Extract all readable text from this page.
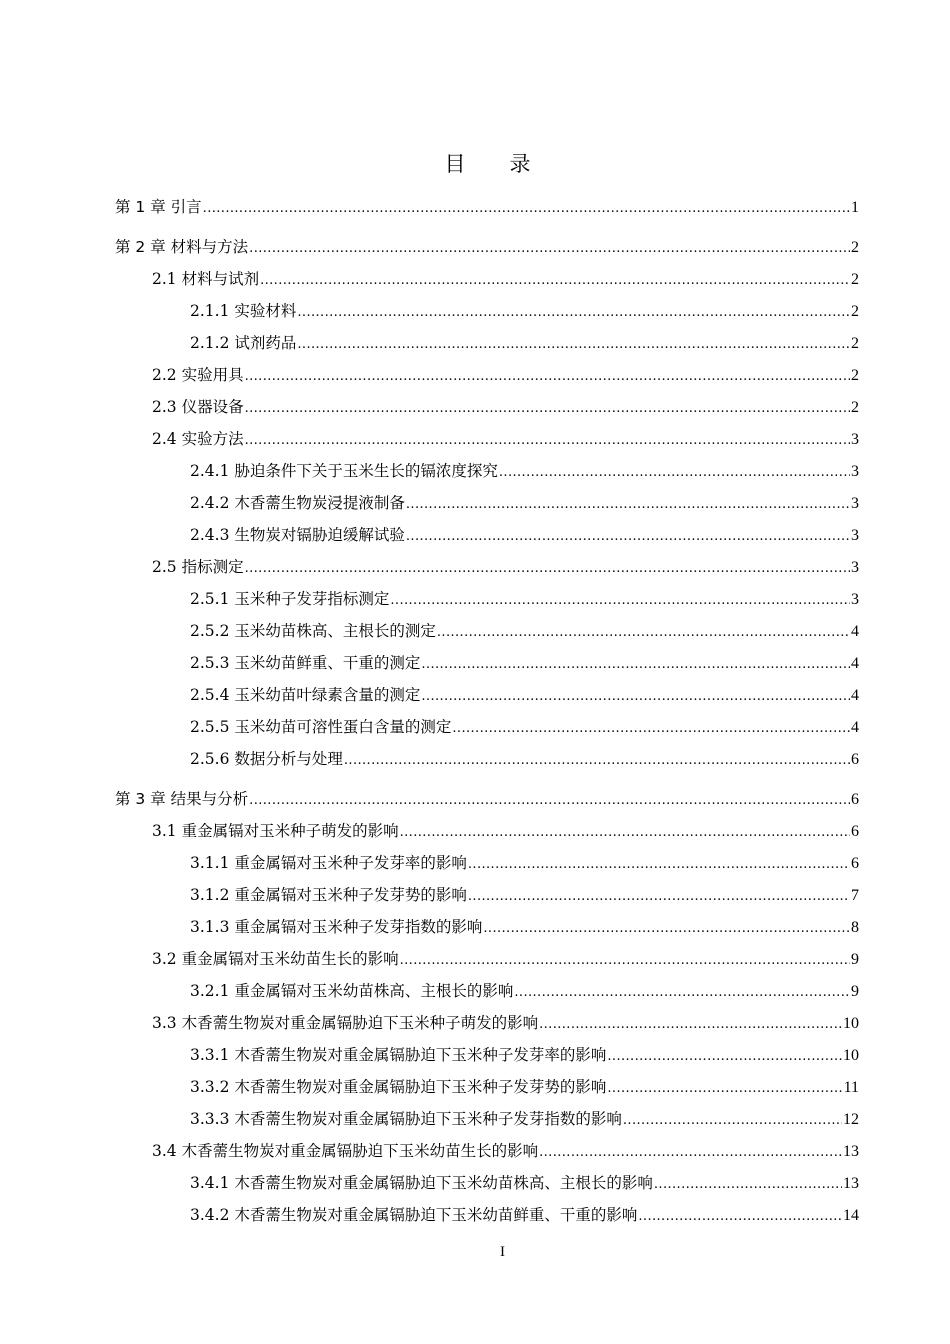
目 录
第 1 章 引言 .....	1
第 2 章 材料与方法 .....	2
2.1 材料与试剂 .....	2
2.1.1 实验材料 .....	2
2.1.2 试剂药品 .....	2
2.2 实验用具 .....	2
2.3 仪器设备 .....	2
2.4 实验方法 .....	3
2.4.1 胁迫条件下关于玉米生长的镉浓度探究 .....	3
2.4.2 木香薷生物炭浸提液制备 .....	3
2.4.3 生物炭对镉胁迫缓解试验 .....	3
2.5 指标测定 .....	3
2.5.1 玉米种子发芽指标测定 .....	3
2.5.2 玉米幼苗株高、主根长的测定 .....	4
2.5.3 玉米幼苗鲜重、干重的测定 .....	4
2.5.4 玉米幼苗叶绿素含量的测定 .....	4
2.5.5 玉米幼苗可溶性蛋白含量的测定 .....	4
2.5.6 数据分析与处理 .....	6
第 3 章 结果与分析 .....	6
3.1 重金属镉对玉米种子萌发的影响 .....	6
3.1.1 重金属镉对玉米种子发芽率的影响 .....	6
3.1.2 重金属镉对玉米种子发芽势的影响 .....	7
3.1.3 重金属镉对玉米种子发芽指数的影响 .....	8
3.2 重金属镉对玉米幼苗生长的影响 .....	9
3.2.1 重金属镉对玉米幼苗株高、主根长的影响 .....	9
3.3 木香薷生物炭对重金属镉胁迫下玉米种子萌发的影响 .....	10
3.3.1 木香薷生物炭对重金属镉胁迫下玉米种子发芽率的影响 .....	10
3.3.2 木香薷生物炭对重金属镉胁迫下玉米种子发芽势的影响 .....	11
3.3.3 木香薷生物炭对重金属镉胁迫下玉米种子发芽指数的影响 .....	12
3.4 木香薷生物炭对重金属镉胁迫下玉米幼苗生长的影响 .....	13
3.4.1 木香薷生物炭对重金属镉胁迫下玉米幼苗株高、主根长的影响 .....	13
3.4.2 木香薷生物炭对重金属镉胁迫下玉米幼苗鲜重、干重的影响 .....	14
I
